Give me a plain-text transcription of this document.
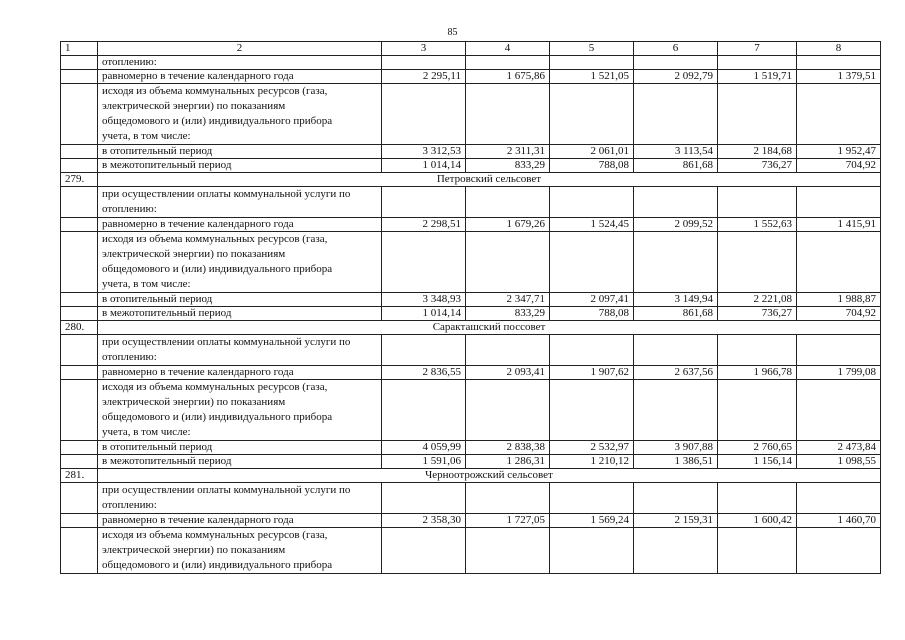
85
1	2	3	4	5	6	7	8
	отоплению:						
	равномерно в течение календарного года	2 295,11	1 675,86	1 521,05	2 092,79	1 519,71	1 379,51

	исходя из объема коммунальных ресурсов (газа,
электрической энергии) по показаниям
общедомового и (или) индивидуального прибора
учета, в том числе:						

	в отопительный период	3 312,53	2 311,31	2 061,01	3 113,54	2 184,68	1 952,47
	в межотопительный период	1 014,14	833,29	788,08	861,68	736,27	704,92
279.	Петровский сельсовет						

	при осуществлении оплаты коммунальной услуги по
отоплению:						

	равномерно в течение календарного года	2 298,51	1 679,26	1 524,45	2 099,52	1 552,63	1 415,91

	исходя из объема коммунальных ресурсов (газа,
электрической энергии) по показаниям
общедомового и (или) индивидуального прибора
учета, в том числе:						

	в отопительный период	3 348,93	2 347,71	2 097,41	3 149,94	2 221,08	1 988,87
	в межотопительный период	1 014,14	833,29	788,08	861,68	736,27	704,92
280.	Саракташский поссовет						

	при осуществлении оплаты коммунальной услуги по
отоплению:						

	равномерно в течение календарного года	2 836,55	2 093,41	1 907,62	2 637,56	1 966,78	1 799,08

	исходя из объема коммунальных ресурсов (газа,
электрической энергии) по показаниям
общедомового и (или) индивидуального прибора
учета, в том числе:						

	в отопительный период	4 059,99	2 838,38	2 532,97	3 907,88	2 760,65	2 473,84
	в межотопительный период	1 591,06	1 286,31	1 210,12	1 386,51	1 156,14	1 098,55
281.	Черноотрожский сельсовет						

	при осуществлении оплаты коммунальной услуги по
отоплению:						

	равномерно в течение календарного года	2 358,30	1 727,05	1 569,24	2 159,31	1 600,42	1 460,70

	исходя из объема коммунальных ресурсов (газа,
электрической энергии) по показаниям
общедомового и (или) индивидуального прибора						
